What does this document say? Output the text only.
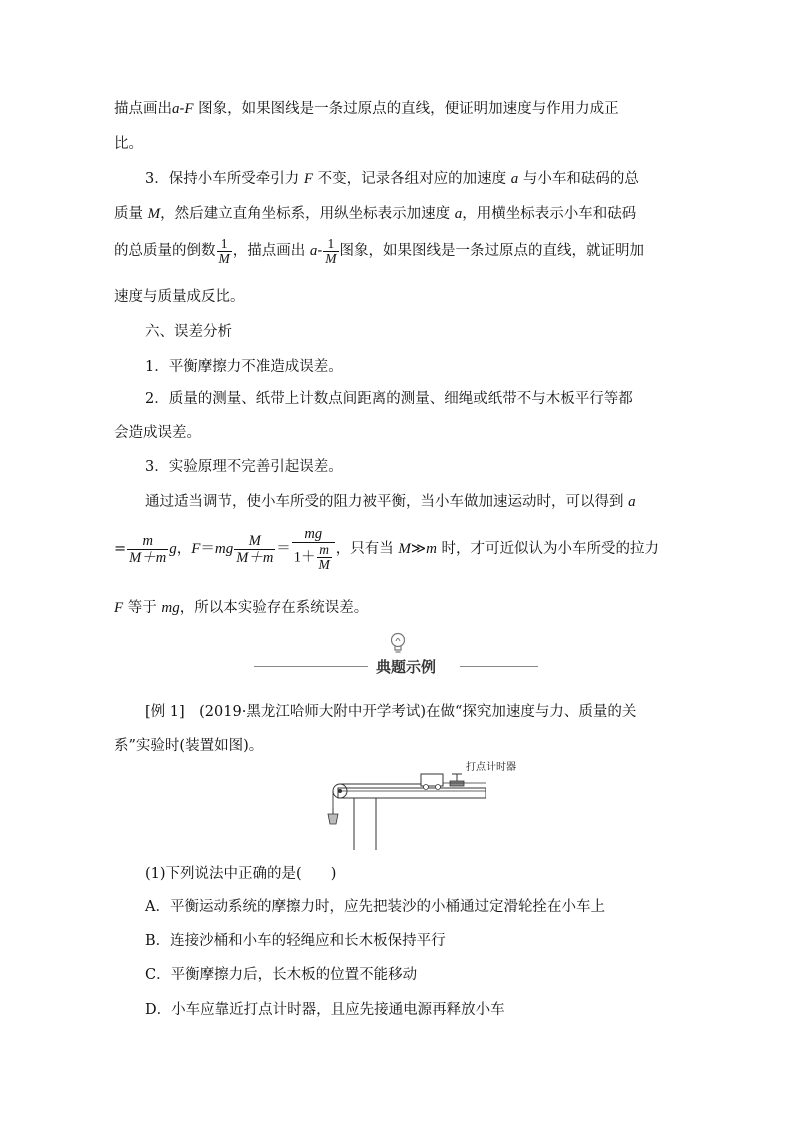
描点画出a-F 图象，如果图线是一条过原点的直线，便证明加速度与作用力成正
比。
3．保持小车所受牵引力 F 不变，记录各组对应的加速度 a 与小车和砝码的总
质量 M，然后建立直角坐标系，用纵坐标表示加速度 a，用横坐标表示小车和砝码
的总质量的倒数 $\frac{1}{M}$ ，描点画出 $a- \frac{1}{M}$ 图象，如果图线是一条过原点的直线，就证明加
速度与质量成反比。
六、误差分析
1．平衡摩擦力不准造成误差。
2．质量的测量、纸带上计数点间距离的测量、细绳或纸带不与木板平行等都
会造成误差。
3．实验原理不完善引起误差。
通过适当调节，使小车所受的阻力被平衡，当小车做加速运动时，可以得到 a
= $\frac{m}{M+m}$ g，$F=mg \frac{M}{M+m} = \frac{mg}{1+ \frac{m}{M}}$ ，只有当 M≫m 时，才可近似认为小车所受的拉力
F 等于 mg，所以本实验存在系统误差。
典题示例
[例 1]　(2019·黑龙江哈师大附中开学考试)在做“探究加速度与力、质量的关
系”实验时(装置如图)。
打点计时器
(1)下列说法中正确的是(　　)
A．平衡运动系统的摩擦力时，应先把装沙的小桶通过定滑轮拴在小车上
B．连接沙桶和小车的轻绳应和长木板保持平行
C．平衡摩擦力后，长木板的位置不能移动
D．小车应靠近打点计时器，且应先接通电源再释放小车
